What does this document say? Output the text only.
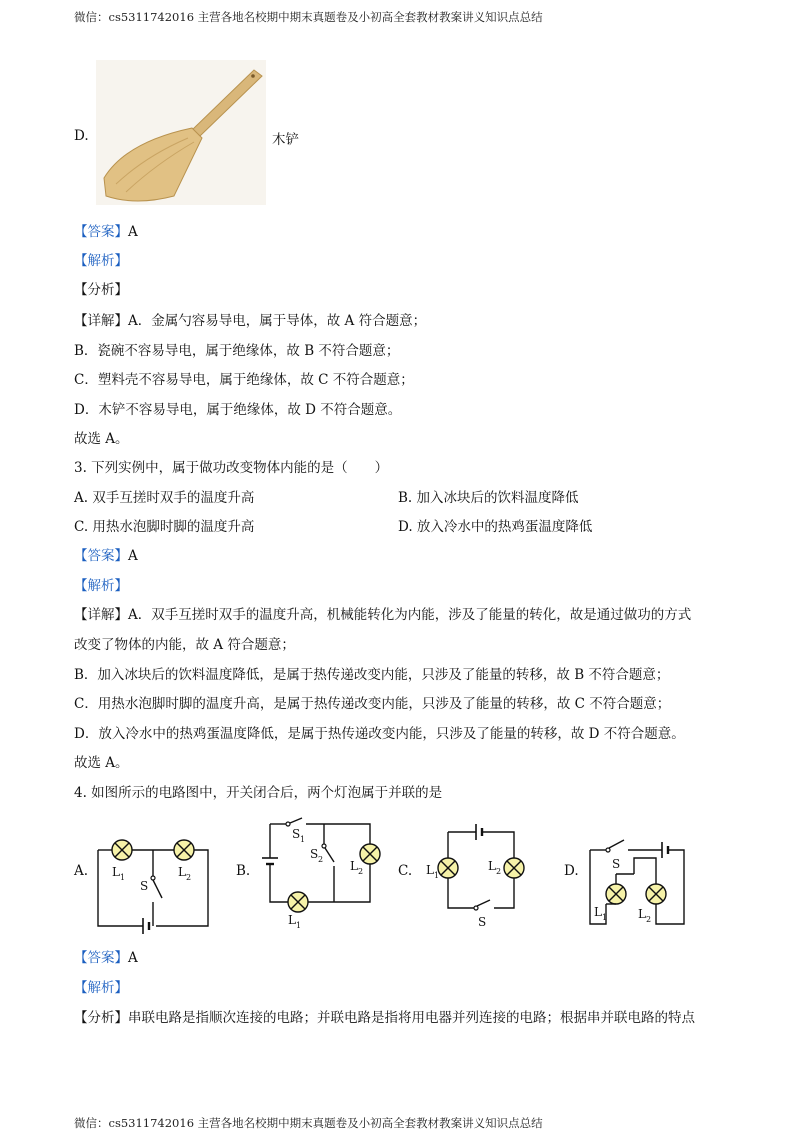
微信：cs5311742016 主营各地名校期中期末真题卷及小初高全套教材教案讲义知识点总结
D.	木铲
【答案】A
【解析】
【分析】
【详解】A．金属勺容易导电，属于导体，故 A 符合题意；
B．瓷碗不容易导电，属于绝缘体，故 B 不符合题意；
C．塑料壳不容易导电，属于绝缘体，故 C 不符合题意；
D．木铲不容易导电，属于绝缘体，故 D 不符合题意。
故选 A。
3. 下列实例中，属于做功改变物体内能的是（　　）
A. 双手互搓时双手的温度升高	B. 加入冰块后的饮料温度降低
C. 用热水泡脚时脚的温度升高	D. 放入冷水中的热鸡蛋温度降低
【答案】A
【解析】
【详解】A．双手互搓时双手的温度升高，机械能转化为内能，涉及了能量的转化，故是通过做功的方式
改变了物体的内能，故 A 符合题意；
B．加入冰块后的饮料温度降低，是属于热传递改变内能，只涉及了能量的转移，故 B 不符合题意；
C．用热水泡脚时脚的温度升高，是属于热传递改变内能，只涉及了能量的转移，故 C 不符合题意；
D．放入冷水中的热鸡蛋温度降低，是属于热传递改变内能，只涉及了能量的转移，故 D 不符合题意。
故选 A。
4. 如图所示的电路图中，开关闭合后，两个灯泡属于并联的是
A. L 1	L 2
S
B.
S 1
S 2 L 2
L 1
C. L 1
L 2
S
D.	S
L 1	L 2
【答案】A
【解析】
【分析】串联电路是指顺次连接的电路；并联电路是指将用电器并列连接的电路；根据串并联电路的特点
微信：cs5311742016 主营各地名校期中期末真题卷及小初高全套教材教案讲义知识点总结
